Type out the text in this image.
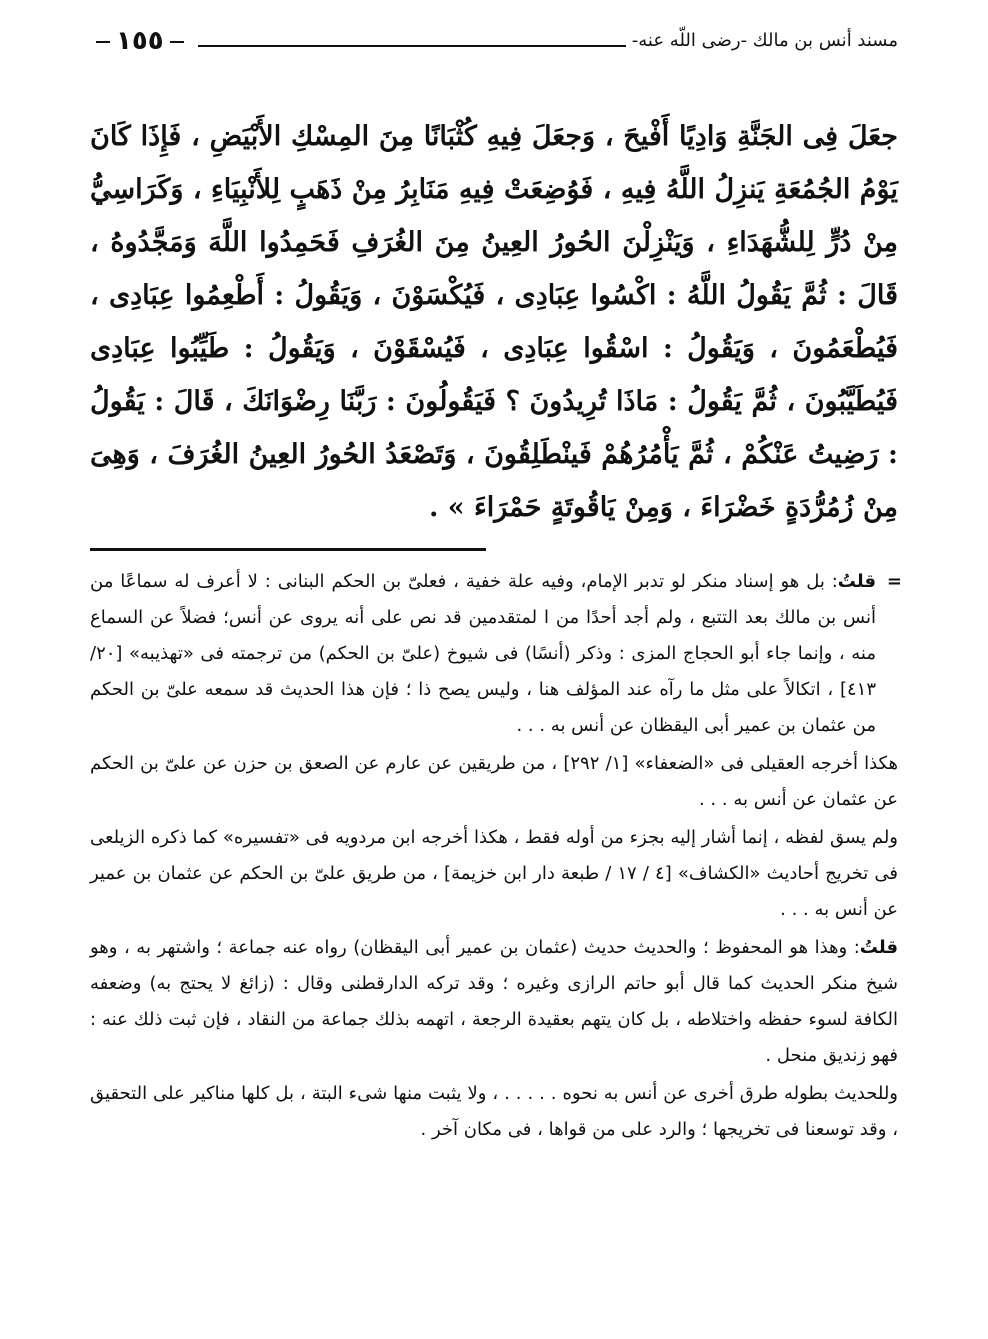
مسند أنس بن مالك -رضى اللّه عنه-
١٥٥

جعَلَ فِى الجَنَّةِ وَادِيًا أَفْيحَ ، وَجعَلَ فِيهِ كُثْبَانًا مِنَ المِسْكِ الأَبْيَضِ ، فَإِذَا كَانَ يَوْمُ الجُمُعَةِ يَنزِلُ اللَّهُ فِيهِ ، فَوُضِعَتْ فِيهِ مَنَابِرُ مِنْ ذَهَبٍ لِلأَنْبِيَاءِ ، وَكَرَاسِيُّ مِنْ دُرٍّ لِلشُّهَدَاءِ ، وَيَنْزِلْنَ الحُورُ العِينُ مِنَ الغُرَفِ فَحَمِدُوا اللَّهَ وَمَجَّدُوهُ ، قَالَ : ثُمَّ يَقُولُ اللَّهُ : اكْسُوا عِبَادِى ، فَيُكْسَوْنَ ، وَيَقُولُ : أَطْعِمُوا عِبَادِى ، فَيُطْعَمُونَ ، وَيَقُولُ : اسْقُوا عِبَادِى ، فَيُسْقَوْنَ ، وَيَقُولُ : طَيِّبُوا عِبَادِى فَيُطَيَّبُونَ ، ثُمَّ يَقُولُ : مَاذَا تُرِيدُونَ ؟ فَيَقُولُونَ : رَبَّنَا رِضْوَانَكَ ، قَالَ : يَقُولُ : رَضِيتُ عَنْكُمْ ، ثُمَّ يَأْمُرُهُمْ فَينْطَلِقُونَ ، وَتَصْعَدُ الحُورُ العِينُ الغُرَفَ ، وَهِىَ مِنْ زُمُرُّدَةٍ خَضْرَاءَ ، وَمِنْ يَاقُوتَةٍ حَمْرَاءَ » .

=
قلتُ: بل هو إسناد منكر لو تدبر الإمام، وفيه علة خفية ، فعلىّ بن الحكم البنانى : لا أعرف له سماعًا من أنس بن مالك بعد التتبع ، ولم أجد أحدًا من ا لمتقدمين قد نص على أنه يروى عن أنس؛ فضلاً عن السماع منه ، وإنما جاء أبو الحجاج المزى : وذكر (أنسًا) فى شيوخ (علىّ بن الحكم) من ترجمته فى «تهذيبه» [٢٠/ ٤١٣] ، اتكالاً على مثل ما رآه عند المؤلف هنا ، وليس يصح ذا ؛ فإن هذا الحديث قد سمعه علىّ بن الحكم من عثمان بن عمير أبى اليقظان عن أنس به . . .

هكذا أخرجه العقيلى فى «الضعفاء» [١/ ٢٩٢] ، من طريقين عن عارم عن الصعق بن حزن عن علىّ بن الحكم عن عثمان عن أنس به . . .

ولم يسق لفظه ، إنما أشار إليه بجزء من أوله فقط ، هكذا أخرجه ابن مردويه فى «تفسيره» كما ذكره الزيلعى فى تخريج أحاديث «الكشاف» [٤ / ١٧ / طبعة دار ابن خزيمة] ، من طريق علىّ بن الحكم عن عثمان بن عمير عن أنس به . . .

قلتُ: وهذا هو المحفوظ ؛ والحديث حديث (عثمان بن عمير أبى اليقظان) رواه عنه جماعة ؛ واشتهر به ، وهو شيخ منكر الحديث كما قال أبو حاتم الرازى وغيره ؛ وقد تركه الدارقطنى وقال : (زائغ لا يحتج به) وضعفه الكافة لسوء حفظه واختلاطه ، بل كان يتهم بعقيدة الرجعة ، اتهمه بذلك جماعة من النقاد ، فإن ثبت ذلك عنه : فهو زنديق منحل .

وللحديث بطوله طرق أخرى عن أنس به نحوه . . . . . ، ولا يثبت منها شىء البتة ، بل كلها مناكير على التحقيق ، وقد توسعنا فى تخريجها ؛ والرد على من قواها ، فى مكان آخر .
